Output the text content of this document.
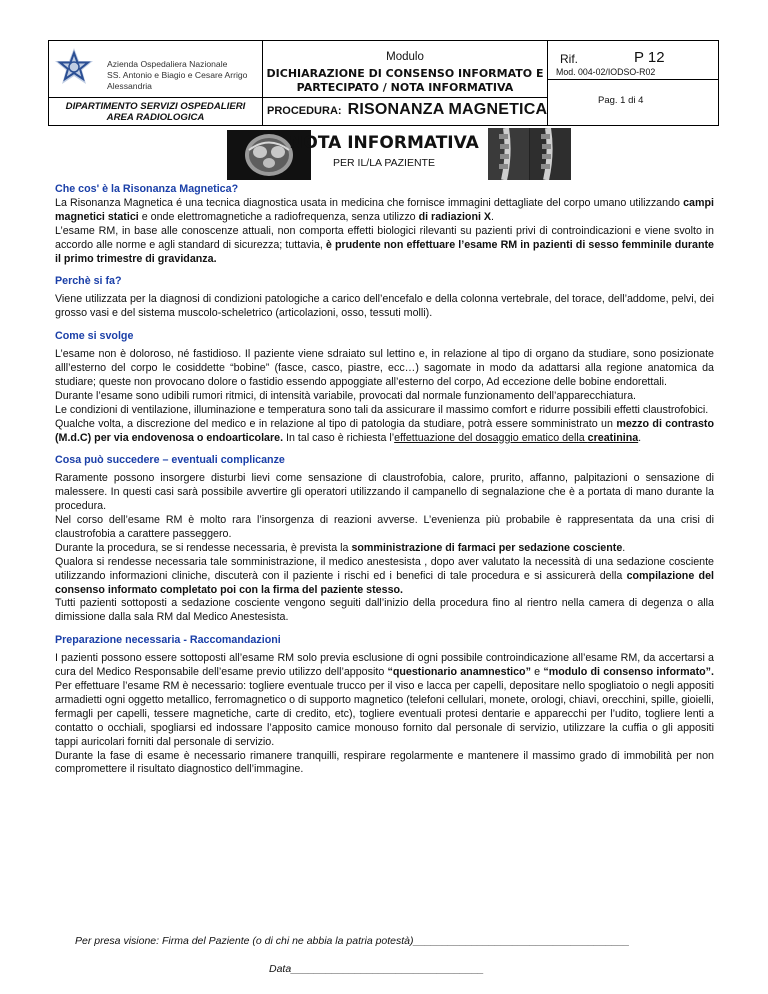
Azienda Ospedaliera Nazionale
SS. Antonio e Biagio e Cesare Arrigo
Alessandria
DIPARTIMENTO SERVIZI OSPEDALIERI
AREA RADIOLOGICA
Modulo
DICHIARAZIONE DI CONSENSO INFORMATO E
PARTECIPATO / NOTA INFORMATIVA
PROCEDURA: RISONANZA MAGNETICA
Rif.	P 12
Mod. 004-02/IODSO-R02
Pag. 1 di 4
NOTA INFORMATIVA
PER IL/LA PAZIENTE

Che cos' è la Risonanza Magnetica?

La Risonanza Magnetica é una tecnica diagnostica usata in medicina che fornisce immagini dettagliate del corpo umano utilizzando campi magnetici statici e onde elettromagnetiche a radiofrequenza, senza utilizzo di radiazioni X.

L’esame RM, in base alle conoscenze attuali, non comporta effetti biologici rilevanti su pazienti privi di controindicazioni e viene svolto in accordo alle norme e agli standard di sicurezza; tuttavia, è prudente non effettuare l’esame RM in pazienti di sesso femminile durante il primo trimestre di gravidanza.

Perchè si fa?

Viene utilizzata per la diagnosi di condizioni patologiche a carico dell’encefalo e della colonna vertebrale, del torace, dell’addome, pelvi, dei grosso vasi e del sistema muscolo-scheletrico (articolazioni, osso, tessuti molli).

Come si svolge

L’esame non è doloroso, né fastidioso. Il paziente viene sdraiato sul lettino e, in relazione al tipo di organo da studiare, sono posizionate alll’esterno del corpo le cosiddette “bobine” (fasce, casco, piastre, ecc…) sagomate in modo da adattarsi alla regione anatomica da studiare; queste non provocano dolore o fastidio essendo appoggiate all’esterno del corpo, Ad eccezione delle bobine endorettali.

Durante l’esame sono udibili rumori ritmici, di intensità variabile, provocati dal normale funzionamento dell’apparecchiatura.

Le condizioni di ventilazione, illuminazione e temperatura sono tali da assicurare il massimo comfort e ridurre possibili effetti claustrofobici.

Qualche volta, a discrezione del medico e in relazione al tipo di patologia da studiare, potrà essere somministrato un mezzo di contrasto (M.d.C) per via endovenosa o endoarticolare. In tal caso è richiesta l’effettuazione del dosaggio ematico della creatinina.

Cosa può succedere – eventuali complicanze

Raramente possono insorgere disturbi lievi come sensazione di claustrofobia, calore, prurito, affanno, palpitazioni o sensazione di malessere. In questi casi sarà possibile avvertire gli operatori utilizzando il campanello di segnalazione che è a portata di mano durante la procedura.

Nel corso dell’esame RM è molto rara l’insorgenza di reazioni avverse. L’evenienza più probabile è rappresentata da una crisi di claustrofobia a carattere passeggero.

Durante la procedura, se si rendesse necessaria, è prevista la somministrazione di farmaci per sedazione cosciente.

Qualora si rendesse necessaria tale somministrazione, il medico anestesista , dopo aver valutato la necessità di una sedazione cosciente utilizzando informazioni cliniche, discuterà con il paziente i rischi ed i benefici di tale procedura e si assicurerà della compilazione del consenso informato completato poi con la firma del paziente stesso.

Tutti pazienti sottoposti a sedazione cosciente vengono seguiti dall’inizio della procedura fino al rientro nella camera di degenza o alla dimissione dalla sala RM dal Medico Anestesista.

Preparazione necessaria - Raccomandazioni

I pazienti possono essere sottoposti all’esame RM solo previa esclusione di ogni possibile controindicazione all’esame RM, da accertarsi a cura del Medico Responsabile dell’esame previo utilizzo dell’apposito “questionario anamnestico” e “modulo di consenso informato”. Per effettuare l’esame RM è necessario: togliere eventuale trucco per il viso e lacca per capelli, depositare nello spogliatoio o negli appositi armadietti ogni oggetto metallico, ferromagnetico o di supporto magnetico (telefoni cellulari, monete, orologi, chiavi, orecchini, spille, gioielli, fermagli per capelli, tessere magnetiche, carte di credito, etc), togliere eventuali protesi dentarie e apparecchi per l’udito, togliere lenti a contatto o occhiali, spogliarsi ed indossare l’apposito camice monouso fornito dal personale di servizio, utilizzare la cuffia o gli appositi tappi auricolari forniti dal personale di servizio.

Durante la fase di esame è necessario rimanere tranquilli, respirare regolarmente e mantenere il massimo grado di immobilità per non compromettere il risultato diagnostico dell’immagine.

Per presa visione: Firma del Paziente (o di chi ne abbia la patria potestà)_____________________________________
Data_________________________________
